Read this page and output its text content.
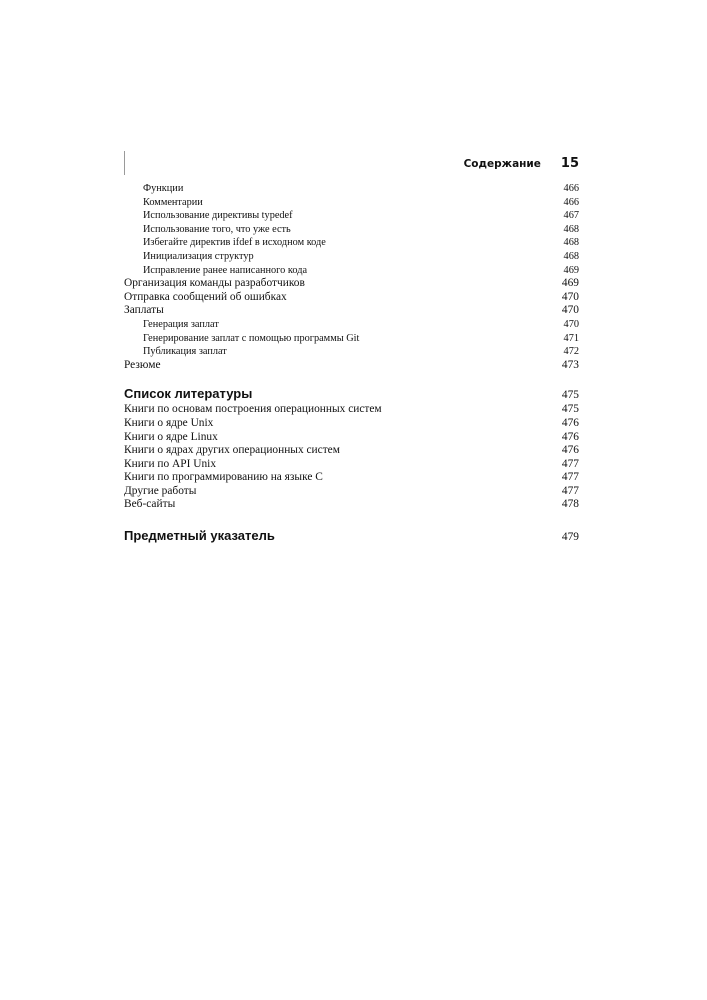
Содержание 15
Функции	466
Комментарии	466
Использование директивы typedef	467
Использование того, что уже есть	468
Избегайте директив ifdef в исходном коде	468
Инициализация структур	468
Исправление ранее написанного кода	469
Организация команды разработчиков	469
Отправка сообщений об ошибках	470
Заплаты	470
Генерация заплат	470
Генерирование заплат с помощью программы Git	471
Публикация заплат	472
Резюме	473
Список литературы	475
Книги по основам построения операционных систем	475
Книги о ядре Unix	476
Книги о ядре Linux	476
Книги о ядрах других операционных систем	476
Книги по API Unix	477
Книги по программированию на языке С	477
Другие работы	477
Веб-сайты	478
Предметный указатель	479
